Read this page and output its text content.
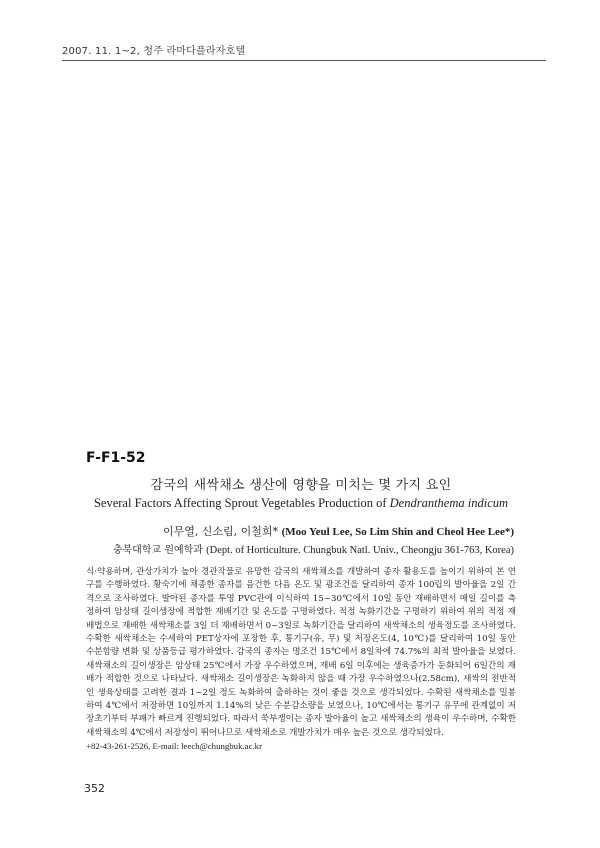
2007. 11. 1~2, 청주 라마다플라자호텔
F-F1-52
감국의 새싹채소 생산에 영향을 미치는 몇 가지 요인
Several Factors Affecting Sprout Vegetables Production of Dendranthema indicum
이무열, 신소림, 이철희* (Moo Yeul Lee, So Lim Shin and Cheol Hee Lee*)
충북대학교 원예학과 (Dept. of Horticulture. Chungbuk Natl. Univ., Cheongju 361-763, Korea)
식·약용하며, 관상가치가 높아 경관작물로 유망한 감국의 새싹채소를 개발하여 종자 활용도를 높이기 위하여 본 연구를 수행하였다. 황숙기에 채종한 종자를 음건한 다음 온도 및 광조건을 달리하여 종자 100립의 발아율을 2일 간격으로 조사하였다. 발아된 종자를 투명 PVC관에 이식하여 15~30℃에서 10일 동안 재배하면서 매일 길이를 측정하여 암상태 길이생장에 적합한 재배기간 및 온도를 구명하였다. 적정 녹화기간을 구명하기 위하여 위의 적정 재배법으로 재배한 새싹채소를 3일 더 재배하면서 0~3일로 녹화기간을 달리하여 새싹채소의 생육정도를 조사하였다. 수확한 새싹채소는 수세하여 PET상자에 포장한 후, 통기구(유, 무) 및 저장온도(4, 10℃)를 달리하여 10일 동안 수분함량 변화 및 상품등급 평가하였다. 감국의 종자는 명조건 15℃에서 8일차에 74.7%의 최적 발아율을 보였다. 새싹채소의 길이생장은 암상태 25℃에서 가장 우수하였으며, 재배 6일 이후에는 생육증가가 둔화되어 6일간의 재배가 적합한 것으로 나타났다. 새싹채소 길이생장은 녹화하지 않을 때 가장 우수하였으나(2.58cm), 새싹의 전반적인 생육상태를 고려한 결과 1~2일 정도 녹화하여 출하하는 것이 좋을 것으로 생각되었다. 수확된 새싹채소를 밀봉하여 4℃에서 저장하면 10일까지 1.14%의 낮은 수분감소량을 보였으나, 10℃에서는 통기구 유무에 관계없이 저장초기부터 부패가 빠르게 진행되었다. 따라서 쑥부쟁이는 종자 발아율이 높고 새싹채소의 생육이 우수하며, 수확한 새싹채소의 4℃에서 저장성이 뛰어나므로 새싹채소로 개발가치가 매우 높은 것으로 생각되었다.
+82-43-261-2526, E-mail: leech@chungbuk.ac.kr
352
